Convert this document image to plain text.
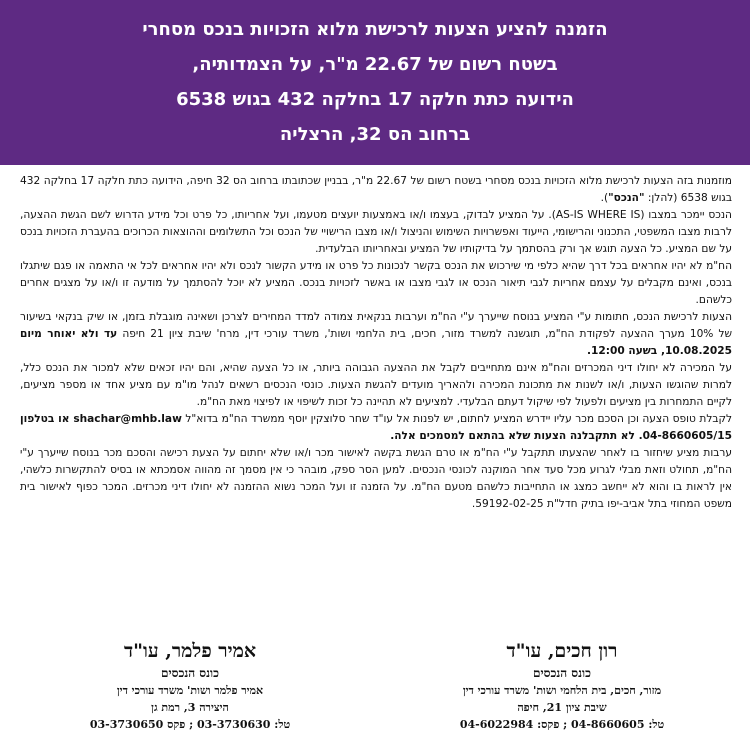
הזמנה להציע הצעות לרכישת מלוא הזכויות בנכס מסחרי
בשטח רשום של 22.67 מ"ר, על הצמדותיה,
הידועה כתת חלקה 17 בחלקה 432 בגוש 6538
ברחוב הס 32, הרצליה

מוזמנות בזה הצעות לרכישת מלוא הזכויות בנכס מסחרי בשטח רשום של 22.67 מ"ר, בבניין שכתובתו ברחוב הס 32 חיפה, הידועה כתת חלקה 17 בחלקה 432 בגוש 6538 (להלן: "הנכס").

הנכס יימכר במצבו (AS-IS WHERE IS). על המציע לבדוק, בעצמו ו/או באמצעות יועצים מטעמו, ועל אחריותו, כל פרט וכל מידע הדרוש לשם הגשת ההצעה, לרבות מצבו המשפטי, התכנוני והרישומי, הייעוד ואפשרויות השימוש והניצול ו/או מצבו הרישויי של הנכס וכל התשלומים וההוצאות הכרוכים בהעברת הזכויות בנכס על שם המציע. כל הצעה תוגש אך ורק בהסתמך על בדיקותיו של המציע ובאחריותו הבלעדית.

הח"מ לא יהיו אחראים בכל דרך שהיא כלפי מי שירכוש את הנכס בקשר לנכונות כל פרט או מידע הקשור לנכס ולא יהיו אחראים לכל אי התאמה או פגם שיתגלו בנכס, ואינם מקבלים על עצמם אחריות לגבי תיאור הנכס או לגבי מצבו או באשר לזכויות בנכס. המציע לא יוכל להסתמך על מודעה זו ו/או על מצגים אחרים כלשהם.

הצעות לרכישת הנכס, חתומות ע"י המציע בנוסח שייערך ע"י הח"מ וערבות בנקאית צמודה למדד המחירים לצרכן ושאינה מוגבלת בזמן, או שיק בנקאי בשיעור של 10% מערך ההצעה לפקודת הח"מ, תוגשנה למשרד מזור, חכים, בית הלחמי ושות', משרד עורכי דין, מרח' שיבת ציון 21 חיפה עד ולא יאוחר מיום 10.08.2025, בשעה 12:00.

על המכירה לא יחולו דיני המכרזים והח"מ אינם מתחייבים לקבל את ההצעה הגבוהה ביותר, או כל הצעה שהיא, והם יהיו זכאים שלא למכור את הנכס כלל, למרות שהוגשו הצעות, ו/או לשנות את מתכונת המכירה ולהאריך מועדים להגשת הצעות. כונסי הנכסים רשאים לנהל מו"מ עם מציע אחד או מספר מציעים, לקיים התמחרות בין מציעים ולפעול לפי שיקול דעתם הבלעדי. למציעים לא תהיינה כל זכות לשיפוי או לפיצוי מאת הח"מ.

לקבלת טופס הצעה וכן הסכם מכר עליו יידרש המציע לחתום, יש לפנות אל עו"ד שחר סלוצקין יוסף ממשרד הח"מ בדוא"ל shachar@mhb.law או בטלפון 04-8660605/15. לא תתקבלנה הצעות שלא בהתאם למסמכים אלה.

ערבות מציע שיחזור בו לאחר שהצעתו תתקבל ע"י הח"מ או טרם הגשת בקשה לאישור מכר ו/או שלא יחתום על הצעת רכישה והסכם מכר בנוסח שייערך ע"י הח"מ, תחולט וזאת מבלי לגרוע מכל סעד אחר המוקנה לכונסי הנכסים. למען הסר ספק, מובהר כי אין מסמך זה מהווה אסמכתא או בסיס להתקשרות כלשהי, אין לראות בו והוא לא ייחשב כמצג או התחייבות כלשהם מטעם הח"מ. על הזמנה זו ועל המכר נשוא ההזמנה לא יחולו דיני מכרזים. המכר כפוף לאישור בית משפט המחוזי בתל אביב-יפו בתיק חדל"ת 59192-02-25.

רון חכים, עו"ד
כונס הנכסים
מזור, חכים, בית הלחמי ושות' משרד עורכי דין
שיבת ציון 21, חיפה
טל: 04-8660605 ; פקס: 04-6022984
אמיר פלמר, עו"ד
כונס הנכסים
אמיר פלמר ושות' משרד עורכי דין
היצירה 3, רמת גן
טל: 03-3730630 ; פקס 03-3730650
